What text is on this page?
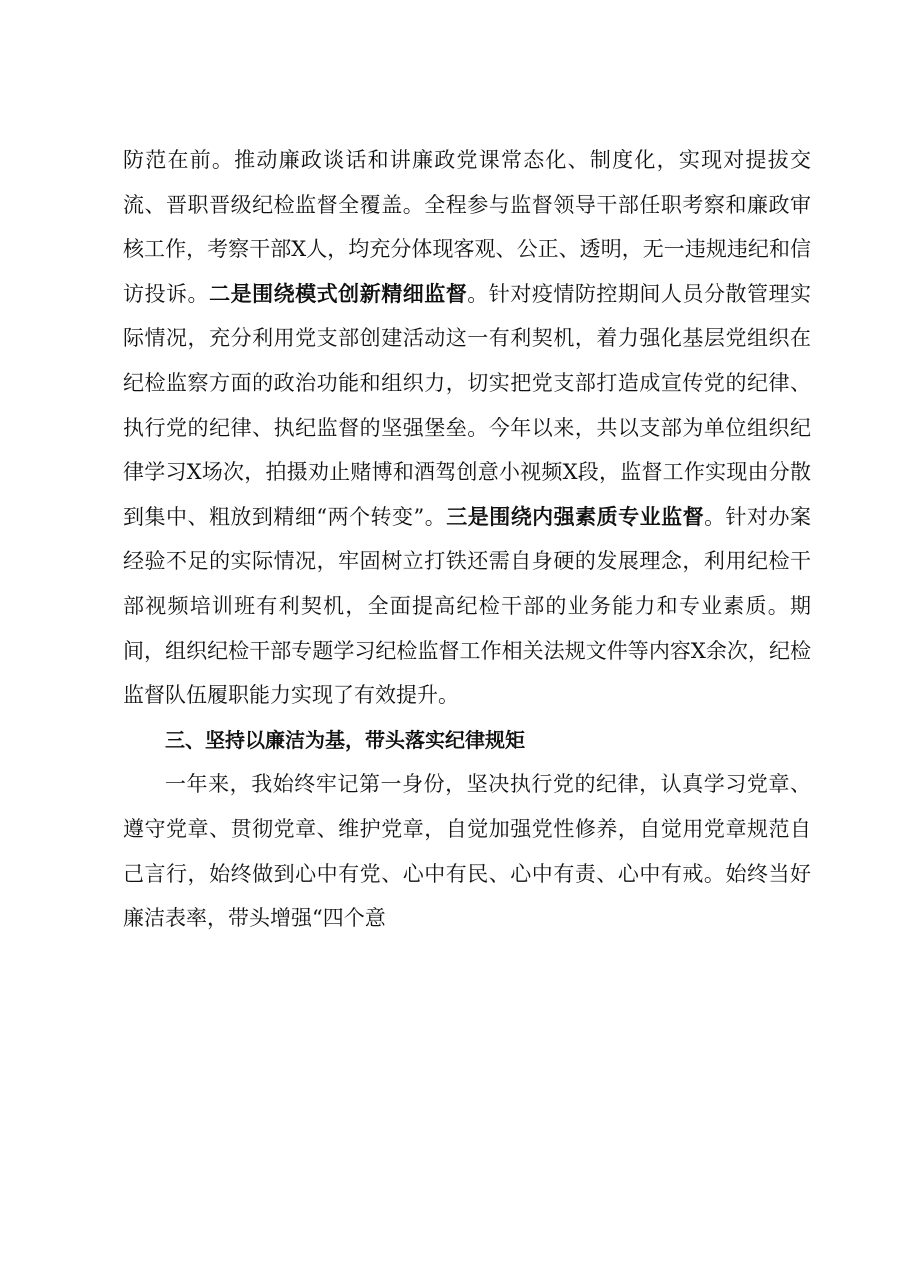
防范在前。推动廉政谈话和讲廉政党课常态化、制度化，实现对提拔交流、晋职晋级纪检监督全覆盖。全程参与监督领导干部任职考察和廉政审核工作，考察干部X人，均充分体现客观、公正、透明，无一违规违纪和信访投诉。二是围绕模式创新精细监督。针对疫情防控期间人员分散管理实际情况，充分利用党支部创建活动这一有利契机，着力强化基层党组织在纪检监察方面的政治功能和组织力，切实把党支部打造成宣传党的纪律、执行党的纪律、执纪监督的坚强堡垒。今年以来，共以支部为单位组织纪律学习X场次，拍摄劝止赌博和酒驾创意小视频X段，监督工作实现由分散到集中、粗放到精细“两个转变”。三是围绕内强素质专业监督。针对办案经验不足的实际情况，牢固树立打铁还需自身硬的发展理念，利用纪检干部视频培训班有利契机，全面提高纪检干部的业务能力和专业素质。期间，组织纪检干部专题学习纪检监督工作相关法规文件等内容X余次，纪检监督队伍履职能力实现了有效提升。

三、坚持以廉洁为基，带头落实纪律规矩

一年来，我始终牢记第一身份，坚决执行党的纪律，认真学习党章、遵守党章、贯彻党章、维护党章，自觉加强党性修养，自觉用党章规范自己言行，始终做到心中有党、心中有民、心中有责、心中有戒。始终当好廉洁表率，带头增强“四个意
